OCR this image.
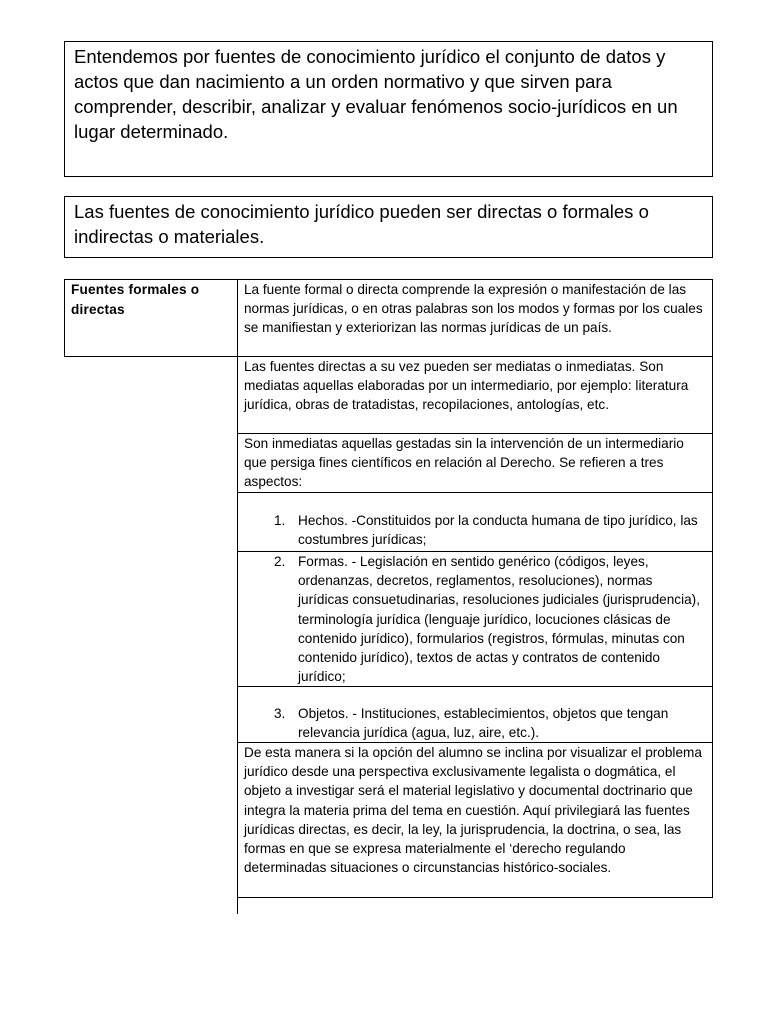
Entendemos por fuentes de conocimiento jurídico el conjunto de datos y actos que dan nacimiento a un orden normativo y que sirven para comprender, describir, analizar y evaluar fenómenos socio-jurídicos en un lugar determinado.
Las fuentes de conocimiento jurídico pueden ser directas o formales o indirectas o materiales.
Fuentes formales o directas
La fuente formal o directa comprende la expresión o manifestación de las normas jurídicas, o en otras palabras son los modos y formas por los cuales se manifiestan y exteriorizan las normas jurídicas de un país.
Las fuentes directas a su vez pueden ser mediatas o inmediatas. Son mediatas aquellas elaboradas por un intermediario, por ejemplo: literatura jurídica, obras de tratadistas, recopilaciones, antologías, etc.
Son inmediatas aquellas gestadas sin la intervención de un intermediario que persiga fines científicos en relación al Derecho. Se refieren a tres aspectos:
1. Hechos. -Constituidos por la conducta humana de tipo jurídico, las costumbres jurídicas;
2. Formas. - Legislación en sentido genérico (códigos, leyes, ordenanzas, decretos, reglamentos, resoluciones), normas jurídicas consuetudinarias, resoluciones judiciales (jurisprudencia), terminología jurídica (lenguaje jurídico, locuciones clásicas de contenido jurídico), formularios (registros, fórmulas, minutas con contenido jurídico), textos de actas y contratos de contenido jurídico;
3. Objetos. - Instituciones, establecimientos, objetos que tengan relevancia jurídica (agua, luz, aire, etc.).
De esta manera si la opción del alumno se inclina por visualizar el problema jurídico desde una perspectiva exclusivamente legalista o dogmática, el objeto a investigar será el material legislativo y documental doctrinario que integra la materia prima del tema en cuestión. Aquí privilegiará las fuentes jurídicas directas, es decir, la ley, la jurisprudencia, la doctrina, o sea, las formas en que se expresa materialmente el ‘derecho regulando determinadas situaciones o circunstancias histórico-sociales.
